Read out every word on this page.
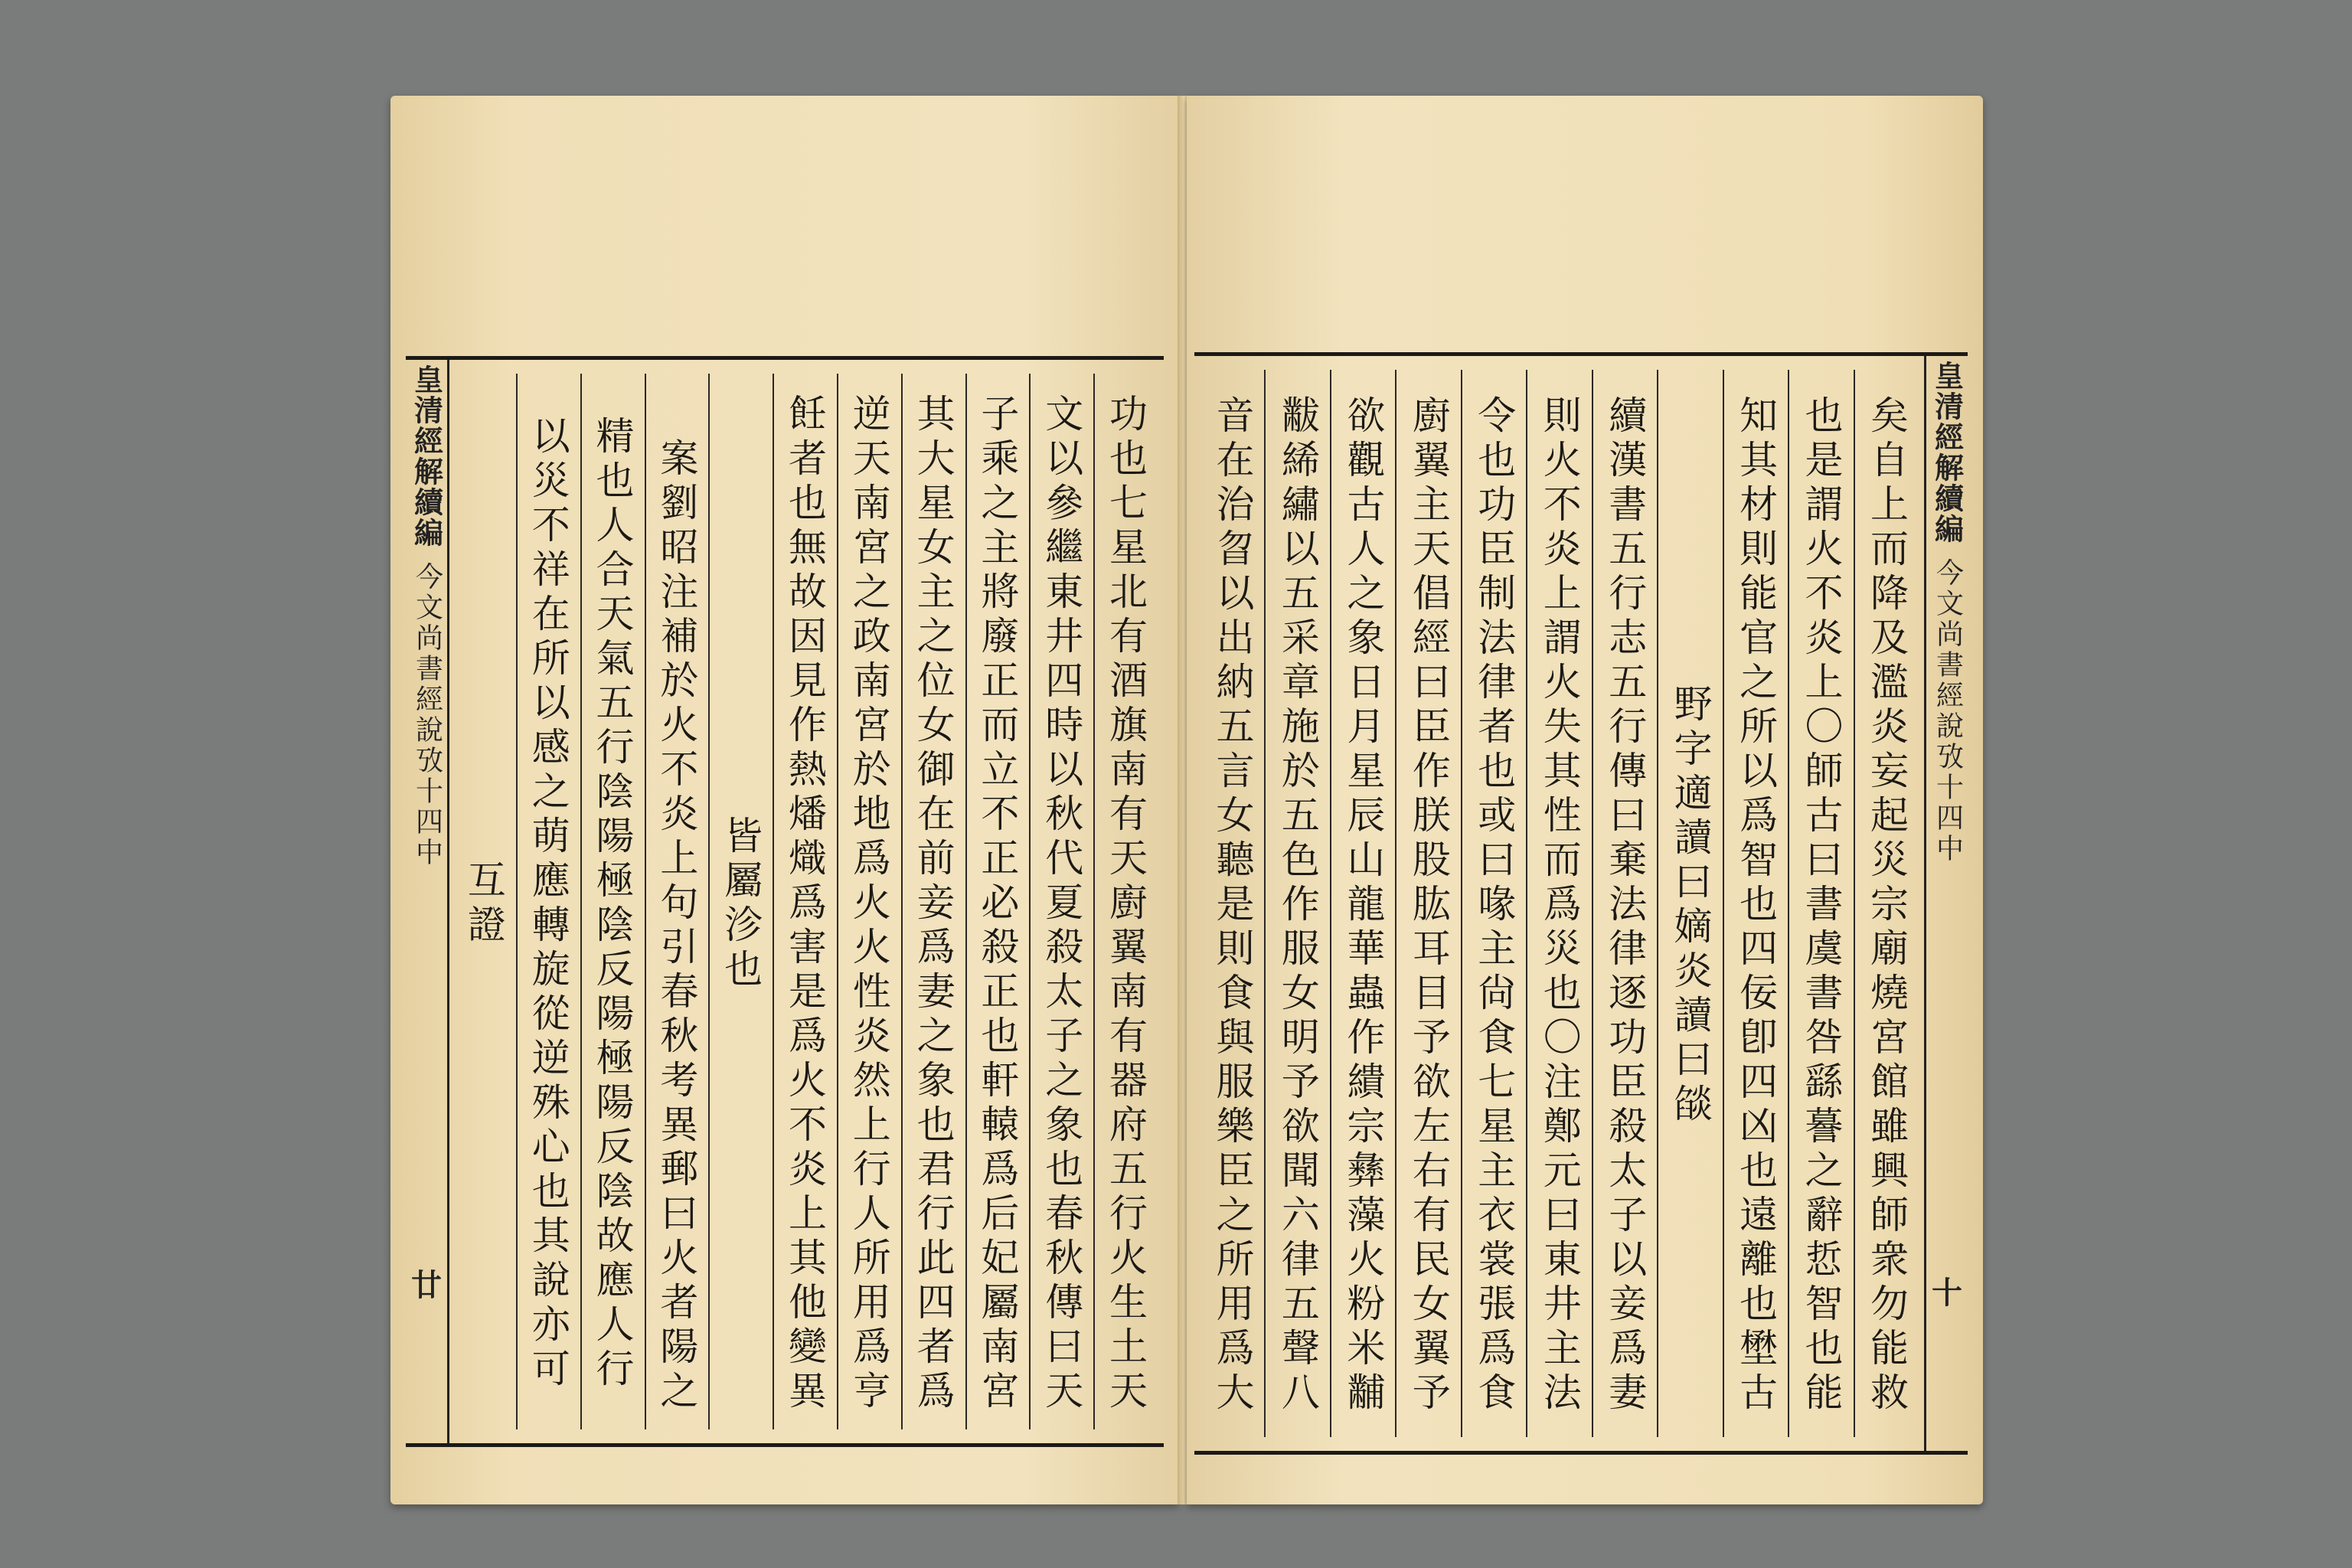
皇清經解續編
今文尚書經說攷十四中
廿	功也七星北有酒旗南有天廚翼南有器府五行火生土天
文以參繼東井四時以秋代夏殺太子之象也春秋傳曰天
子乘之主將廢正而立不正必殺正也軒轅爲后妃屬南宮
其大星女主之位女御在前妾爲妻之象也君行此四者爲
逆天南宮之政南宮於地爲火火性炎然上行人所用爲亨
飪者也無故因見作熱燔熾爲害是爲火不炎上其他變異
皆屬沴也
案劉昭注補於火不炎上句引春秋考異郵曰火者陽之
精也人合天氣五行陰陽極陰反陽極陽反陰故應人行
以災不祥在所以感之萌應轉旋從逆殊心也其說亦可
互證
皇清經解續編
今文尚書經說攷十四中
十
矣自上而降及濫炎妄起災宗廟燒宮館雖興師衆勿能救
也是謂火不炎上〇師古曰書虞書咎繇謩之辭悊智也能
知其材則能官之所以爲智也四佞卽四凶也遠離也壄古
野字適讀曰嫡炎讀曰燄
續漢書五行志五行傳曰棄法律逐功臣殺太子以妾爲妻
則火不炎上謂火失其性而爲災也〇注鄭元曰東井主法
令也功臣制法律者也或曰喙主尙食七星主衣裳張爲食
廚翼主天倡經曰臣作朕股肱耳目予欲左右有民女翼予
欲觀古人之象日月星辰山龍華蟲作繢宗彝藻火粉米黼
黻絺繡以五采章施於五色作服女明予欲聞六律五聲八
音在治曶以出納五言女聽是則食與服樂臣之所用爲大
